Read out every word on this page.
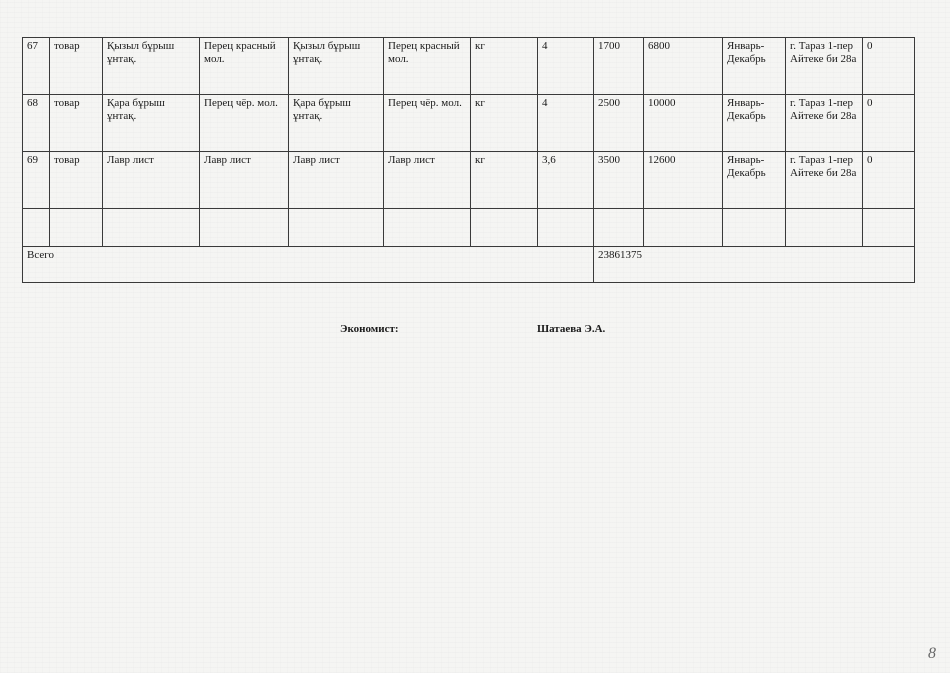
67	товар	Қызыл бұрыш ұнтақ.	Перец красный мол.	Қызыл бұрыш ұнтақ.	Перец красный мол.	кг	4	1700	6800	Январь-Декабрь	г. Тараз 1-пер Айтеке би 28а	0
68	товар	Қара бұрыш ұнтақ.	Перец чёр. мол.	Қара бұрыш ұнтақ.	Перец чёр. мол.	кг	4	2500	10000	Январь-Декабрь	г. Тараз 1-пер Айтеке би 28а	0
69	товар	Лавр лист	Лавр лист	Лавр лист	Лавр лист	кг	3,6	3500	12600	Январь-Декабрь	г. Тараз 1-пер Айтеке би 28а	0

Всего								23861375				
Экономист:	Шатаева Э.А.
8
